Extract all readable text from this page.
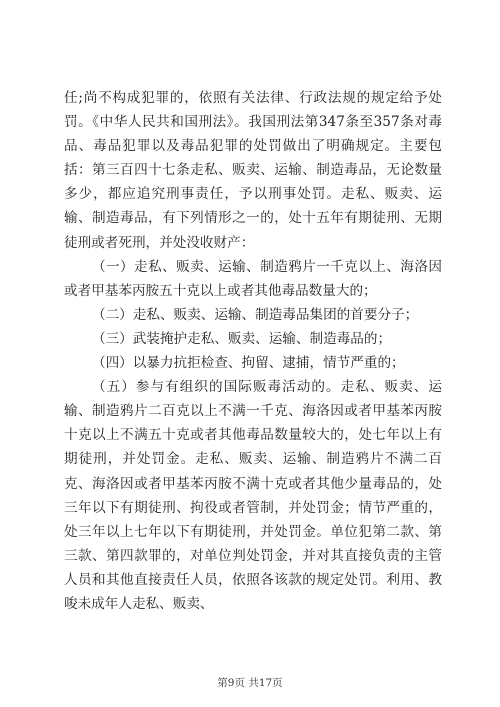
任;尚不构成犯罪的，依照有关法律、行政法规的规定给予处罚。《中华人民共和国刑法》。我国刑法第347条至357条对毒品、毒品犯罪以及毒品犯罪的处罚做出了明确规定。主要包括：第三百四十七条走私、贩卖、运输、制造毒品，无论数量多少，都应追究刑事责任，予以刑事处罚。走私、贩卖、运输、制造毒品，有下列情形之一的，处十五年有期徒刑、无期徒刑或者死刑，并处没收财产：

（一）走私、贩卖、运输、制造鸦片一千克以上、海洛因或者甲基苯丙胺五十克以上或者其他毒品数量大的；

（二）走私、贩卖、运输、制造毒品集团的首要分子；

（三）武装掩护走私、贩卖、运输、制造毒品的；

（四）以暴力抗拒检查、拘留、逮捕，情节严重的；

（五）参与有组织的国际贩毒活动的。走私、贩卖、运输、制造鸦片二百克以上不满一千克、海洛因或者甲基苯丙胺十克以上不满五十克或者其他毒品数量较大的，处七年以上有期徒刑，并处罚金。走私、贩卖、运输、制造鸦片不满二百克、海洛因或者甲基苯丙胺不满十克或者其他少量毒品的，处三年以下有期徒刑、拘役或者管制，并处罚金；情节严重的，处三年以上七年以下有期徒刑，并处罚金。单位犯第二款、第三款、第四款罪的，对单位判处罚金，并对其直接负责的主管人员和其他直接责任人员，依照各该款的规定处罚。利用、教唆未成年人走私、贩卖、

第9页 共17页
